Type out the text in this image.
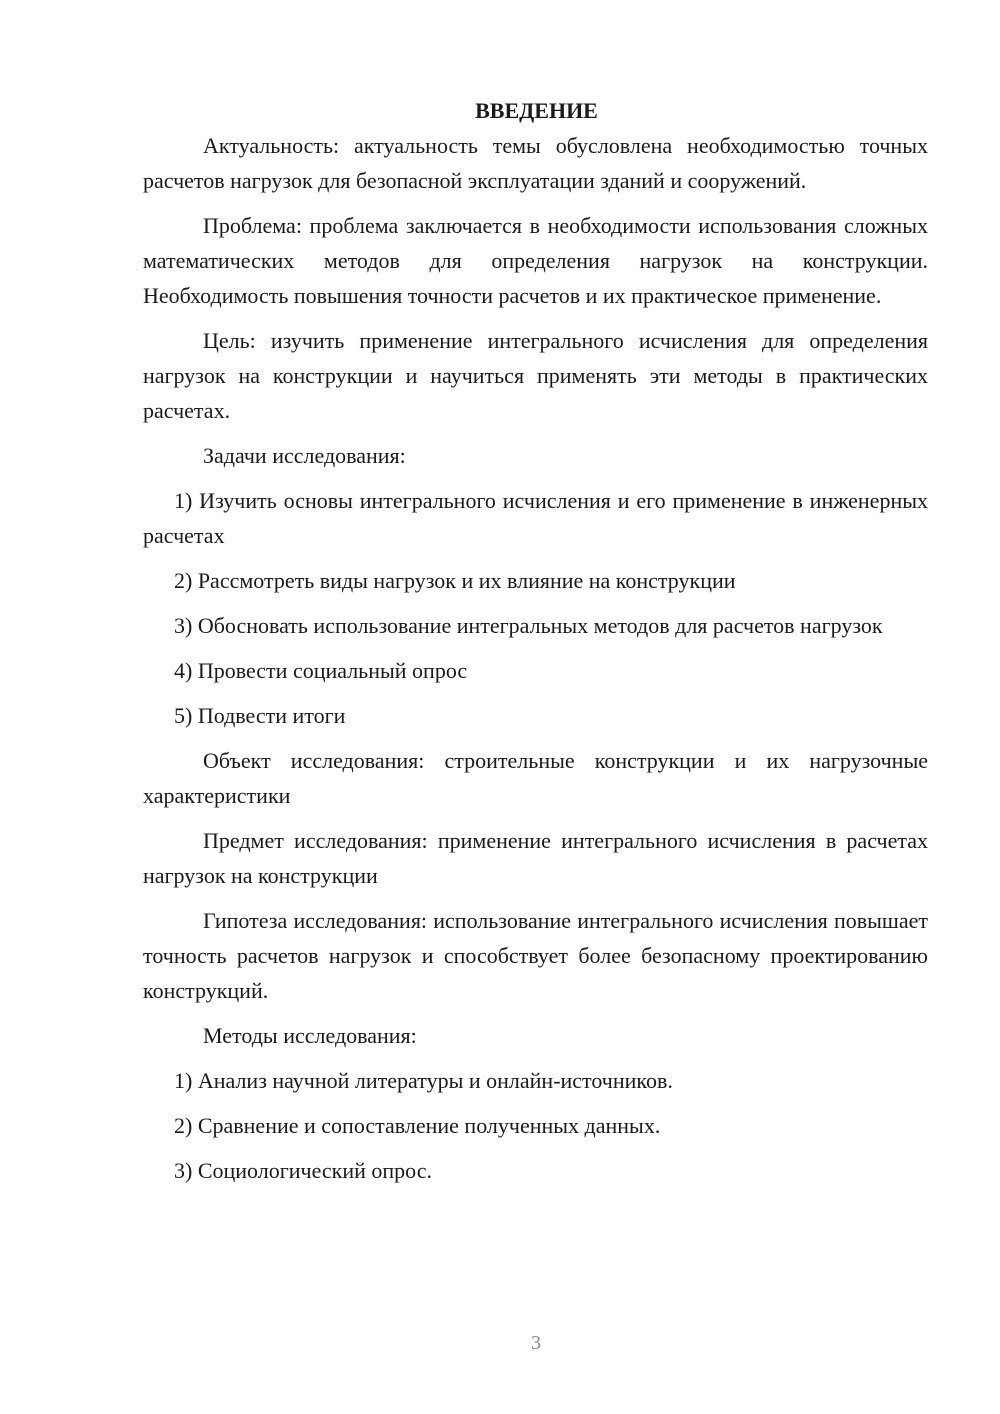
ВВЕДЕНИЕ

Актуальность: актуальность темы обусловлена необходимостью точных расчетов нагрузок для безопасной эксплуатации зданий и сооружений.

Проблема: проблема заключается в необходимости использования сложных математических методов для определения нагрузок на конструкции. Необходимость повышения точности расчетов и их практическое применение.

Цель: изучить применение интегрального исчисления для определения нагрузок на конструкции и научиться применять эти методы в практических расчетах.

Задачи исследования:

1) Изучить основы интегрального исчисления и его применение в инженерных расчетах

2) Рассмотреть виды нагрузок и их влияние на конструкции

3) Обосновать использование интегральных методов для расчетов нагрузок

4) Провести социальный опрос

5) Подвести итоги

Объект исследования: строительные конструкции и их нагрузочные характеристики

Предмет исследования: применение интегрального исчисления в расчетах нагрузок на конструкции

Гипотеза исследования: использование интегрального исчисления повышает точность расчетов нагрузок и способствует более безопасному проектированию конструкций.

Методы исследования:

1) Анализ научной литературы и онлайн-источников.

2) Сравнение и сопоставление полученных данных.

3) Социологический опрос.

3
